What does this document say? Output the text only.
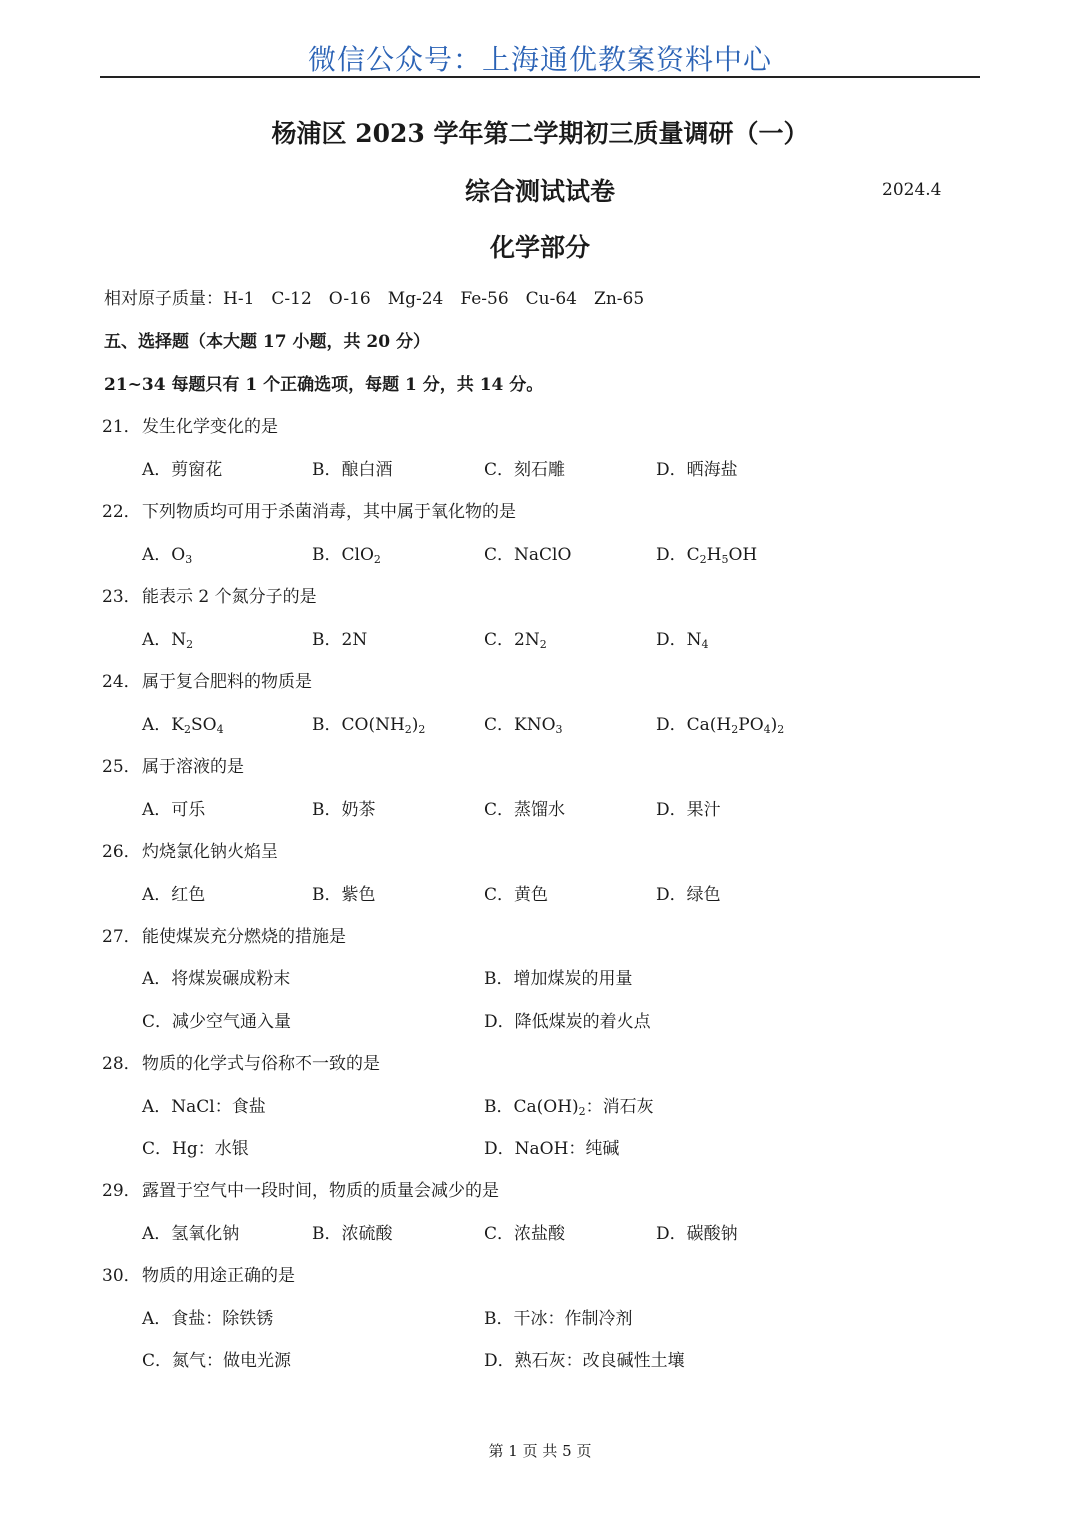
微信公众号：上海通优教案资料中心
杨浦区 2023 学年第二学期初三质量调研（一）
综合测试试卷	2024.4
化学部分
相对原子质量：H-1　C-12　O-16　Mg-24　Fe-56　Cu-64　Zn-65
五、选择题（本大题 17 小题，共 20 分）
21~34 每题只有 1 个正确选项，每题 1 分，共 14 分。
21．发生化学变化的是
A．剪窗花	B．酿白酒	C．刻石雕	D．晒海盐
22．下列物质均可用于杀菌消毒，其中属于氧化物的是
A．$O_3$	B．ClO$_2$	C．NaClO	D．$C_2H_5OH$
23．能表示 2 个氮分子的是
A．$N_2$	B．2N	C．$2N_2$	D．$N_4$
24．属于复合肥料的物质是
A．$K_2SO_4$	B．$CO(NH_2)_2$	C．$KNO_3$	D．$Ca(H_2PO_4)_2$
25．属于溶液的是
A．可乐	B．奶茶	C．蒸馏水	D．果汁
26．灼烧氯化钠火焰呈
A．红色	B．紫色	C．黄色	D．绿色
27．能使煤炭充分燃烧的措施是
A．将煤炭碾成粉末	B．增加煤炭的用量
C．减少空气通入量	D．降低煤炭的着火点
28．物质的化学式与俗称不一致的是
A．NaCl：食盐	B．$Ca(OH)_2$：消石灰
C．Hg：水银	D．NaOH：纯碱
29．露置于空气中一段时间，物质的质量会减少的是
A．氢氧化钠	B．浓硫酸	C．浓盐酸	D．碳酸钠
30．物质的用途正确的是
A．食盐：除铁锈	B．干冰：作制冷剂
C．氮气：做电光源	D．熟石灰：改良碱性土壤
第 1 页 共 5 页
